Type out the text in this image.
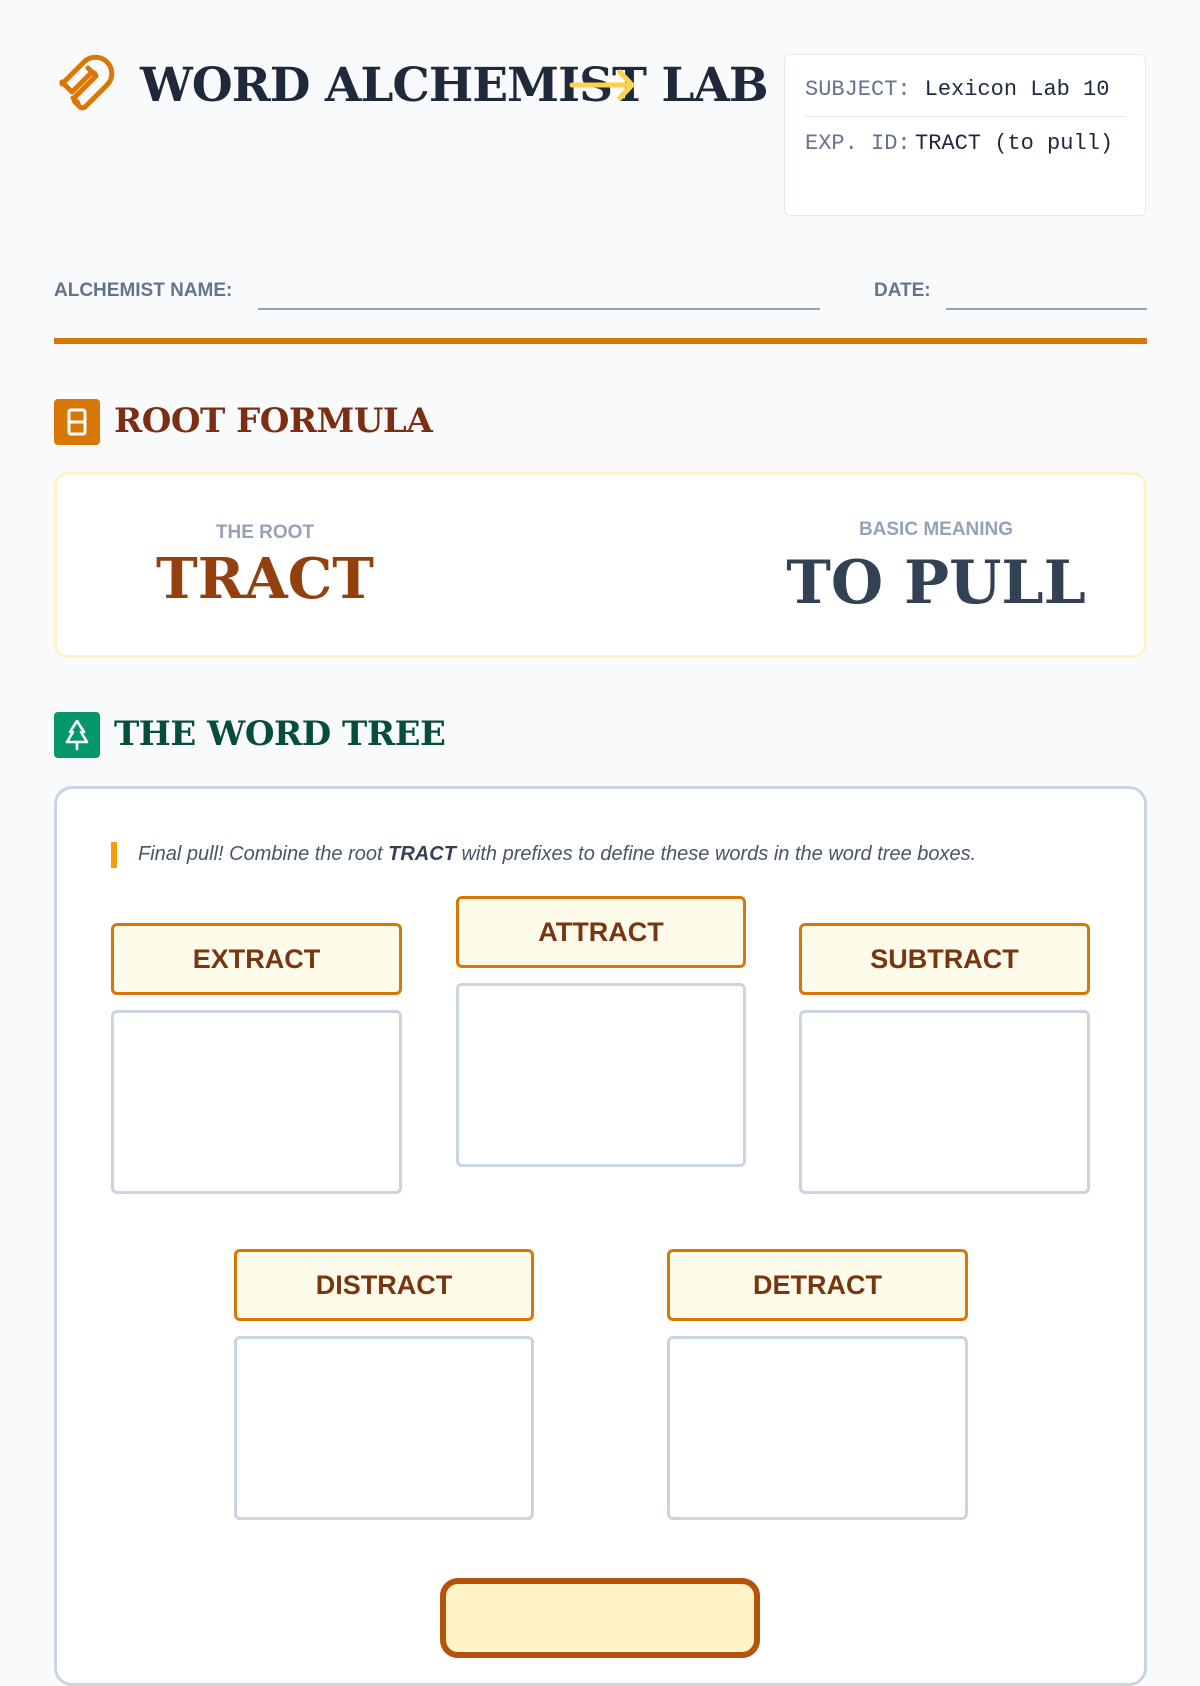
WORD ALCHEMIST LAB SUBJECT: Lexicon Lab 10
EXP. ID: TRACT (to pull)
ALCHEMIST NAME:	DATE:
ROOT FORMULA
THE ROOT
TRACT
BASIC MEANING
TO PULL
THE WORD TREE
Final pull! Combine the root TRACT with prefixes to define these words in the word tree boxes.
EXTRACT
ATTRACT
SUBTRACT
DISTRACT	DETRACT
